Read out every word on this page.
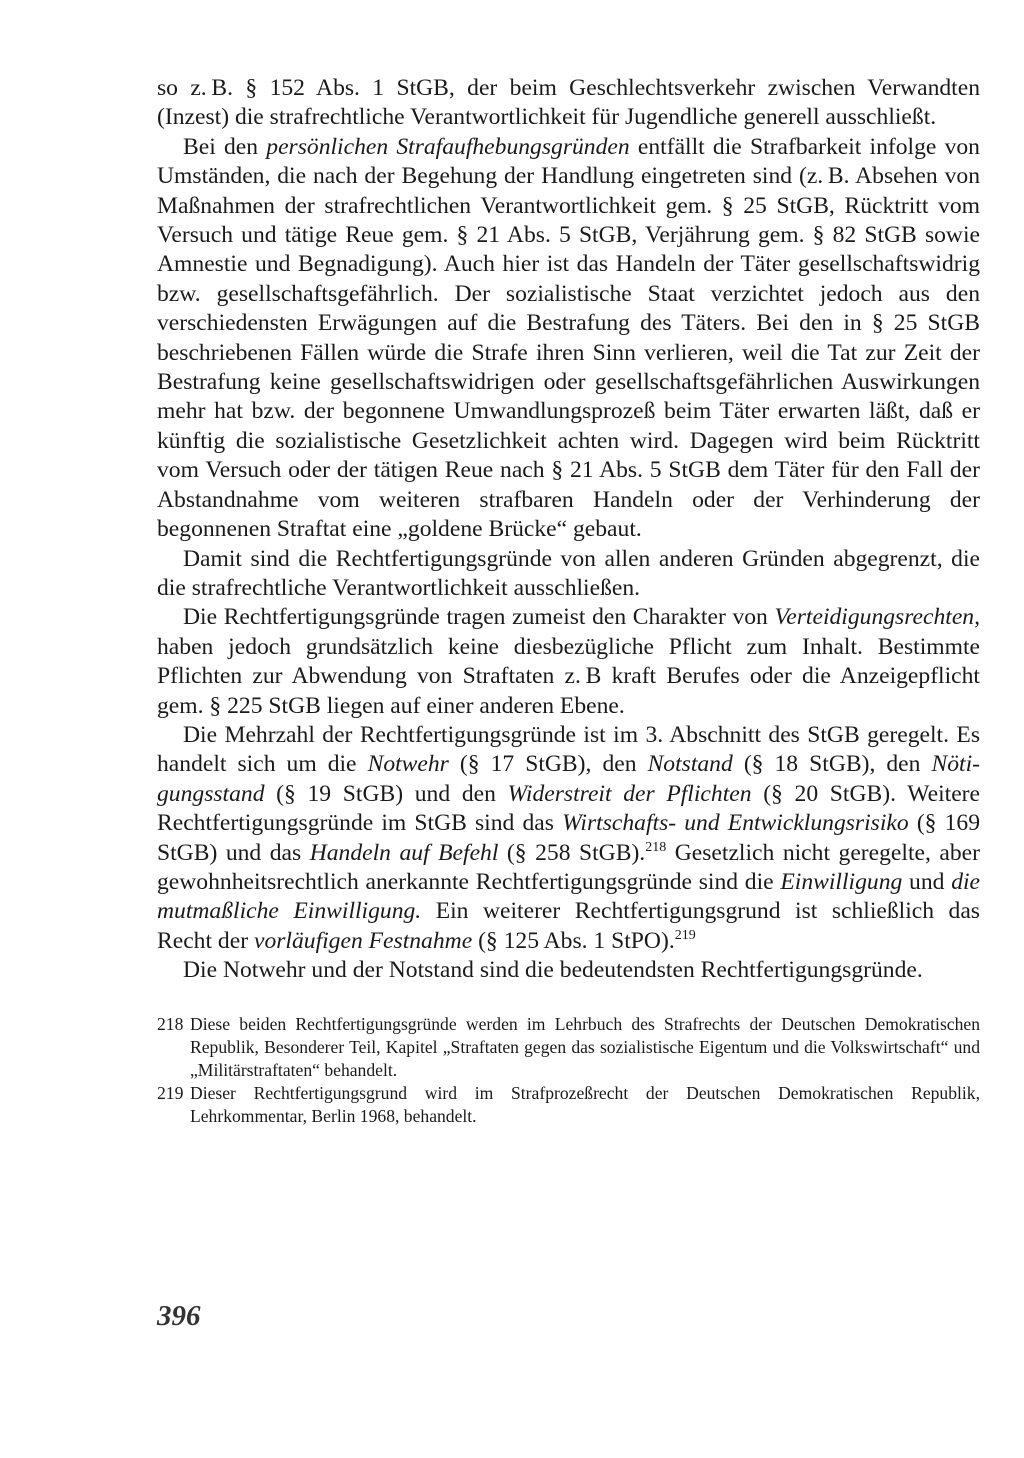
so z. B. § 152 Abs. 1 StGB, der beim Geschlechtsverkehr zwischen Verwandten (Inzest) die strafrechtliche Verantwortlichkeit für Jugendliche generell ausschließt.

Bei den persönlichen Strafaufhebungsgründen entfällt die Strafbarkeit infolge von Umständen, die nach der Begehung der Handlung eingetreten sind (z. B. Absehen von Maßnahmen der strafrechtlichen Verantwortlichkeit gem. § 25 StGB, Rücktritt vom Versuch und tätige Reue gem. § 21 Abs. 5 StGB, Verjährung gem. § 82 StGB sowie Amnestie und Begnadigung). Auch hier ist das Handeln der Täter gesellschaftswidrig bzw. gesellschaftsgefährlich. Der sozialistische Staat verzichtet jedoch aus den verschiedensten Erwägungen auf die Bestrafung des Täters. Bei den in § 25 StGB beschriebenen Fällen würde die Strafe ihren Sinn verlieren, weil die Tat zur Zeit der Bestrafung keine gesellschaftswidrigen oder gesellschaftsgefährlichen Auswirkungen mehr hat bzw. der begonnene Umwandlungsprozeß beim Täter erwarten läßt, daß er künftig die sozialistische Gesetzlichkeit achten wird. Dagegen wird beim Rücktritt vom Versuch oder der tätigen Reue nach § 21 Abs. 5 StGB dem Täter für den Fall der Abstandnahme vom weiteren strafbaren Handeln oder der Verhinderung der begonnenen Straftat eine „goldene Brücke“ gebaut.

Damit sind die Rechtfertigungsgründe von allen anderen Gründen abgegrenzt, die die strafrechtliche Verantwortlichkeit ausschließen.

Die Rechtfertigungsgründe tragen zumeist den Charakter von Verteidigungsrechten, haben jedoch grundsätzlich keine diesbezügliche Pflicht zum Inhalt. Bestimmte Pflichten zur Abwendung von Straftaten z. B kraft Berufes oder die Anzeigepflicht gem. § 225 StGB liegen auf einer anderen Ebene.

Die Mehrzahl der Rechtfertigungsgründe ist im 3. Abschnitt des StGB geregelt. Es handelt sich um die Notwehr (§ 17 StGB), den Notstand (§ 18 StGB), den Nötigungsstand (§ 19 StGB) und den Widerstreit der Pflichten (§ 20 StGB). Weitere Rechtfertigungsgründe im StGB sind das Wirtschafts- und Entwicklungsrisiko (§ 169 StGB) und das Handeln auf Befehl (§ 258 StGB).$^{218}$ Gesetzlich nicht geregelte, aber gewohnheitsrechtlich anerkannte Rechtfertigungsgründe sind die Einwilligung und die mutmaßliche Einwilligung. Ein weiterer Rechtfertigungsgrund ist schließlich das Recht der vorläufigen Festnahme (§ 125 Abs. 1 StPO).$^{219}$

Die Notwehr und der Notstand sind die bedeutendsten Rechtfertigungsgründe.

218 Diese beiden Rechtfertigungsgründe werden im Lehrbuch des Strafrechts der Deutschen Demokratischen Republik, Besonderer Teil, Kapitel „Straftaten gegen das sozialistische Eigentum und die Volkswirtschaft“ und „Militärstraftaten“ behandelt.
219 Dieser Rechtfertigungsgrund wird im Strafprozeßrecht der Deutschen Demokratischen Republik, Lehrkommentar, Berlin 1968, behandelt.
396
